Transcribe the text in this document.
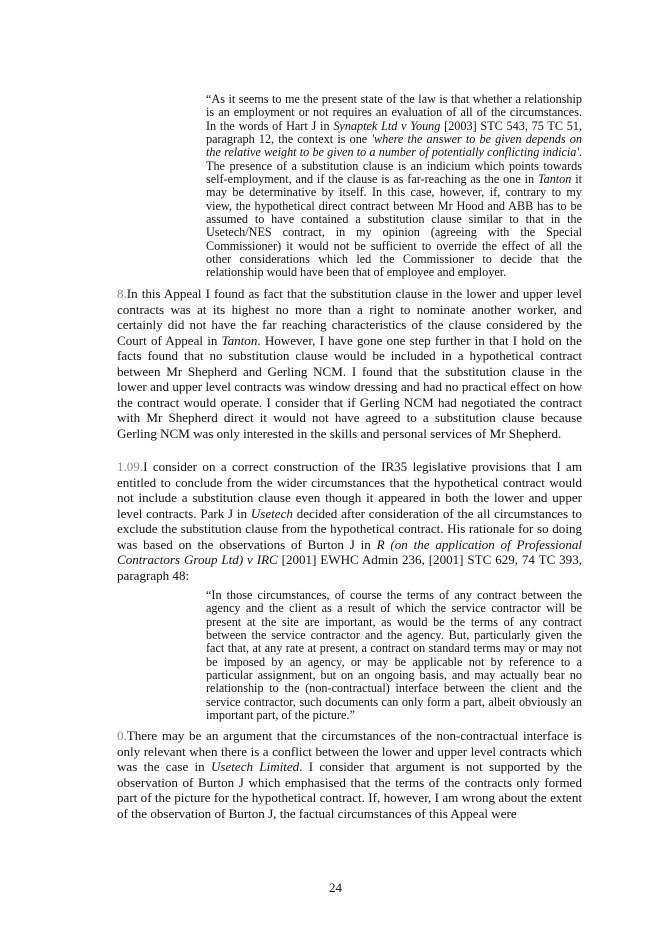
“As it seems to me the present state of the law is that whether a relationship is an employment or not requires an evaluation of all of the circumstances. In the words of Hart J in Synaptek Ltd v Young [2003] STC 543, 75 TC 51, paragraph 12, the context is one 'where the answer to be given depends on the relative weight to be given to a number of potentially conflicting indicia'. The presence of a substitution clause is an indicium which points towards self-employment, and if the clause is as far-reaching as the one in Tanton it may be determinative by itself. In this case, however, if, contrary to my view, the hypothetical direct contract between Mr Hood and ABB has to be assumed to have contained a substitution clause similar to that in the Usetech/NES contract, in my opinion (agreeing with the Special Commissioner) it would not be sufficient to override the effect of all the other considerations which led the Commissioner to decide that the relationship would have been that of employee and employer.

8.In this Appeal I found as fact that the substitution clause in the lower and upper level contracts was at its highest no more than a right to nominate another worker, and certainly did not have the far reaching characteristics of the clause considered by the Court of Appeal in Tanton. However, I have gone one step further in that I hold on the facts found that no substitution clause would be included in a hypothetical contract between Mr Shepherd and Gerling NCM. I found that the substitution clause in the lower and upper level contracts was window dressing and had no practical effect on how the contract would operate. I consider that if Gerling NCM had negotiated the contract with Mr Shepherd direct it would not have agreed to a substitution clause because Gerling NCM was only interested in the skills and personal services of Mr Shepherd.

1.09.I consider on a correct construction of the IR35 legislative provisions that I am entitled to conclude from the wider circumstances that the hypothetical contract would not include a substitution clause even though it appeared in both the lower and upper level contracts. Park J in Usetech decided after consideration of the all circumstances to exclude the substitution clause from the hypothetical contract. His rationale for so doing was based on the observations of Burton J in R (on the application of Professional Contractors Group Ltd) v IRC [2001] EWHC Admin 236, [2001] STC 629, 74 TC 393, paragraph 48:

“In those circumstances, of course the terms of any contract between the agency and the client as a result of which the service contractor will be present at the site are important, as would be the terms of any contract between the service contractor and the agency. But, particularly given the fact that, at any rate at present, a contract on standard terms may or may not be imposed by an agency, or may be applicable not by reference to a particular assignment, but on an ongoing basis, and may actually bear no relationship to the (non-contractual) interface between the client and the service contractor, such documents can only form a part, albeit obviously an important part, of the picture.”

0.There may be an argument that the circumstances of the non-contractual interface is only relevant when there is a conflict between the lower and upper level contracts which was the case in Usetech Limited. I consider that argument is not supported by the observation of Burton J which emphasised that the terms of the contracts only formed part of the picture for the hypothetical contract. If, however, I am wrong about the extent of the observation of Burton J, the factual circumstances of this Appeal were

24
